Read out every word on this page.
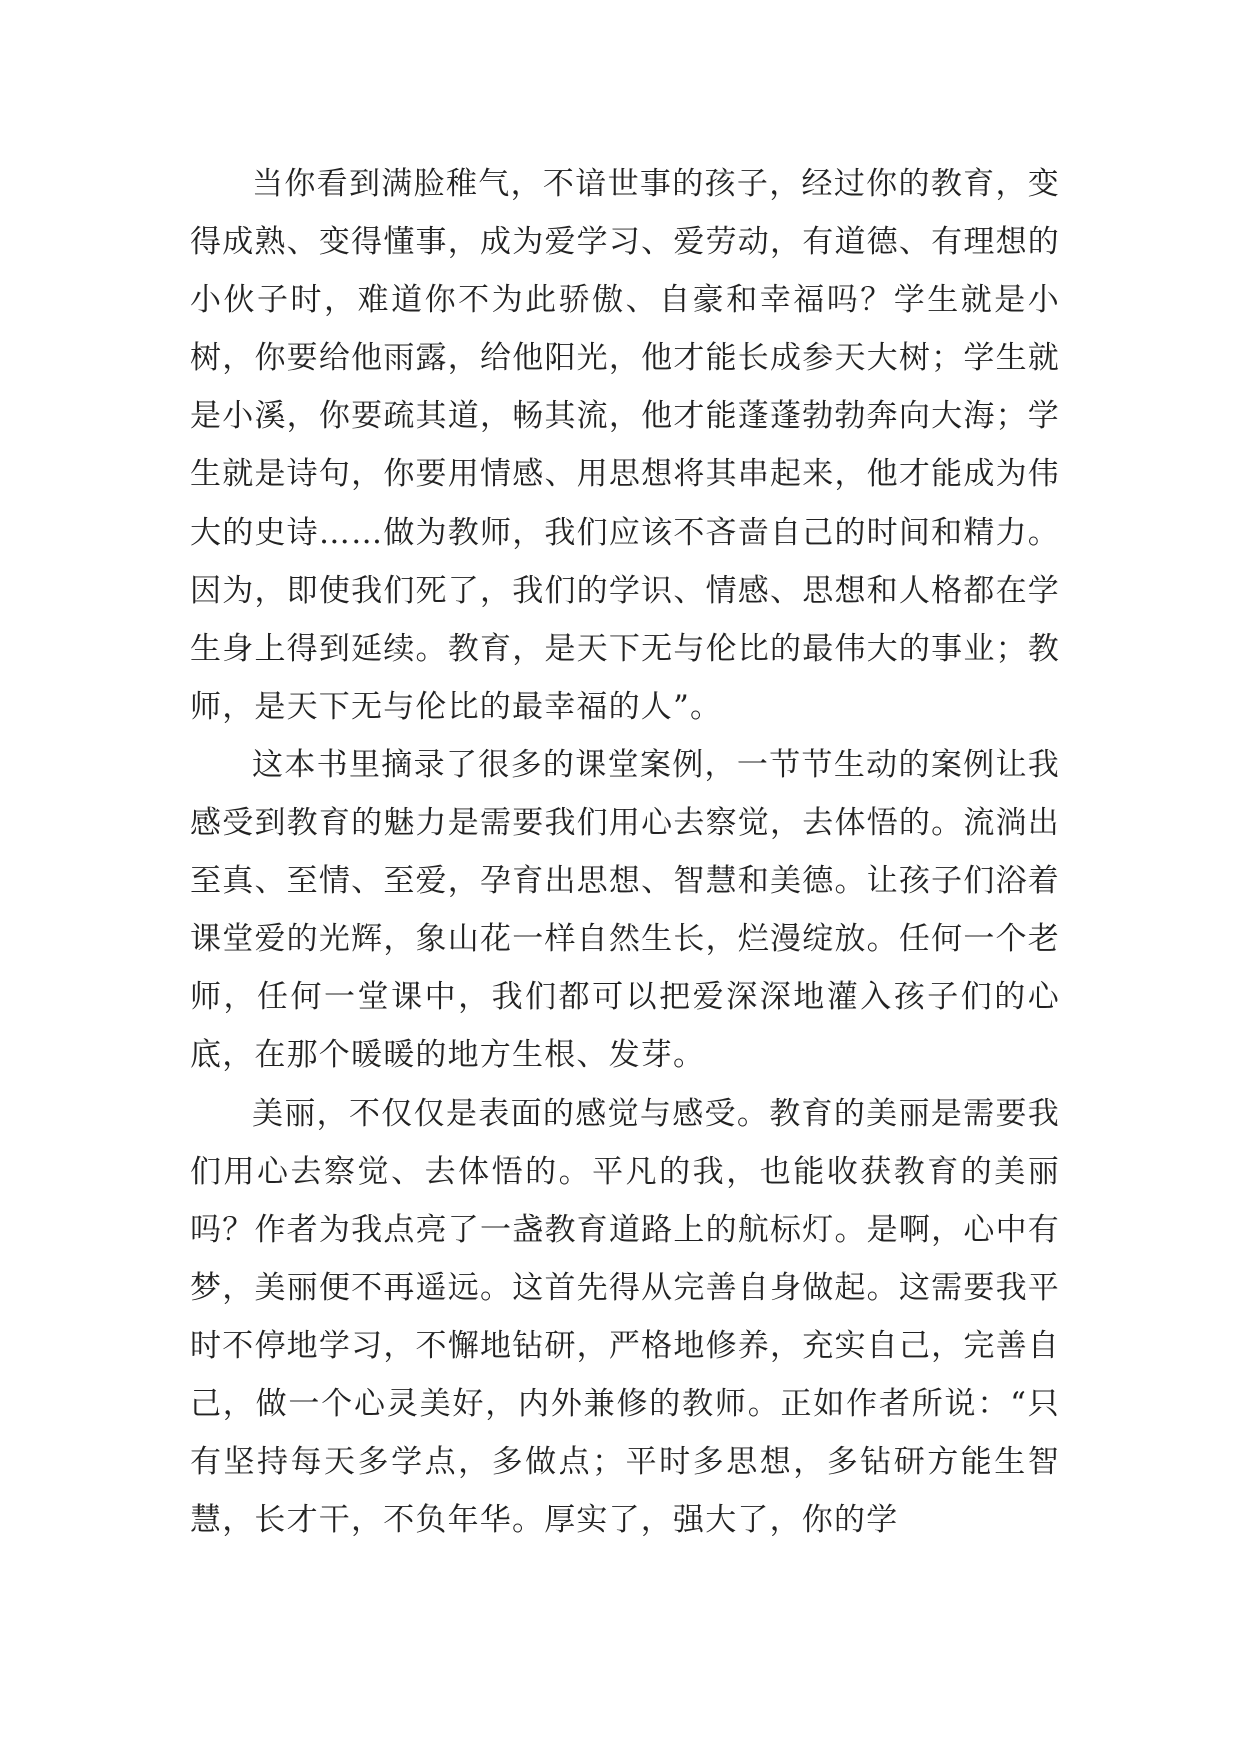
当你看到满脸稚气，不谙世事的孩子，经过你的教育，变得成熟、变得懂事，成为爱学习、爱劳动，有道德、有理想的小伙子时，难道你不为此骄傲、自豪和幸福吗？学生就是小树，你要给他雨露，给他阳光，他才能长成参天大树；学生就是小溪，你要疏其道，畅其流，他才能蓬蓬勃勃奔向大海；学生就是诗句，你要用情感、用思想将其串起来，他才能成为伟大的史诗……做为教师，我们应该不吝啬自己的时间和精力。因为，即使我们死了，我们的学识、情感、思想和人格都在学生身上得到延续。教育，是天下无与伦比的最伟大的事业；教师，是天下无与伦比的最幸福的人”。

这本书里摘录了很多的课堂案例，一节节生动的案例让我感受到教育的魅力是需要我们用心去察觉，去体悟的。流淌出至真、至情、至爱，孕育出思想、智慧和美德。让孩子们浴着课堂爱的光辉，象山花一样自然生长，烂漫绽放。任何一个老师，任何一堂课中，我们都可以把爱深深地灌入孩子们的心底，在那个暖暖的地方生根、发芽。

美丽，不仅仅是表面的感觉与感受。教育的美丽是需要我们用心去察觉、去体悟的。平凡的我，也能收获教育的美丽吗？作者为我点亮了一盏教育道路上的航标灯。是啊，心中有梦，美丽便不再遥远。这首先得从完善自身做起。这需要我平时不停地学习，不懈地钻研，严格地修养，充实自己，完善自己，做一个心灵美好，内外兼修的教师。正如作者所说：“只有坚持每天多学点，多做点；平时多思想，多钻研方能生智慧，长才干，不负年华。厚实了，强大了，你的学
